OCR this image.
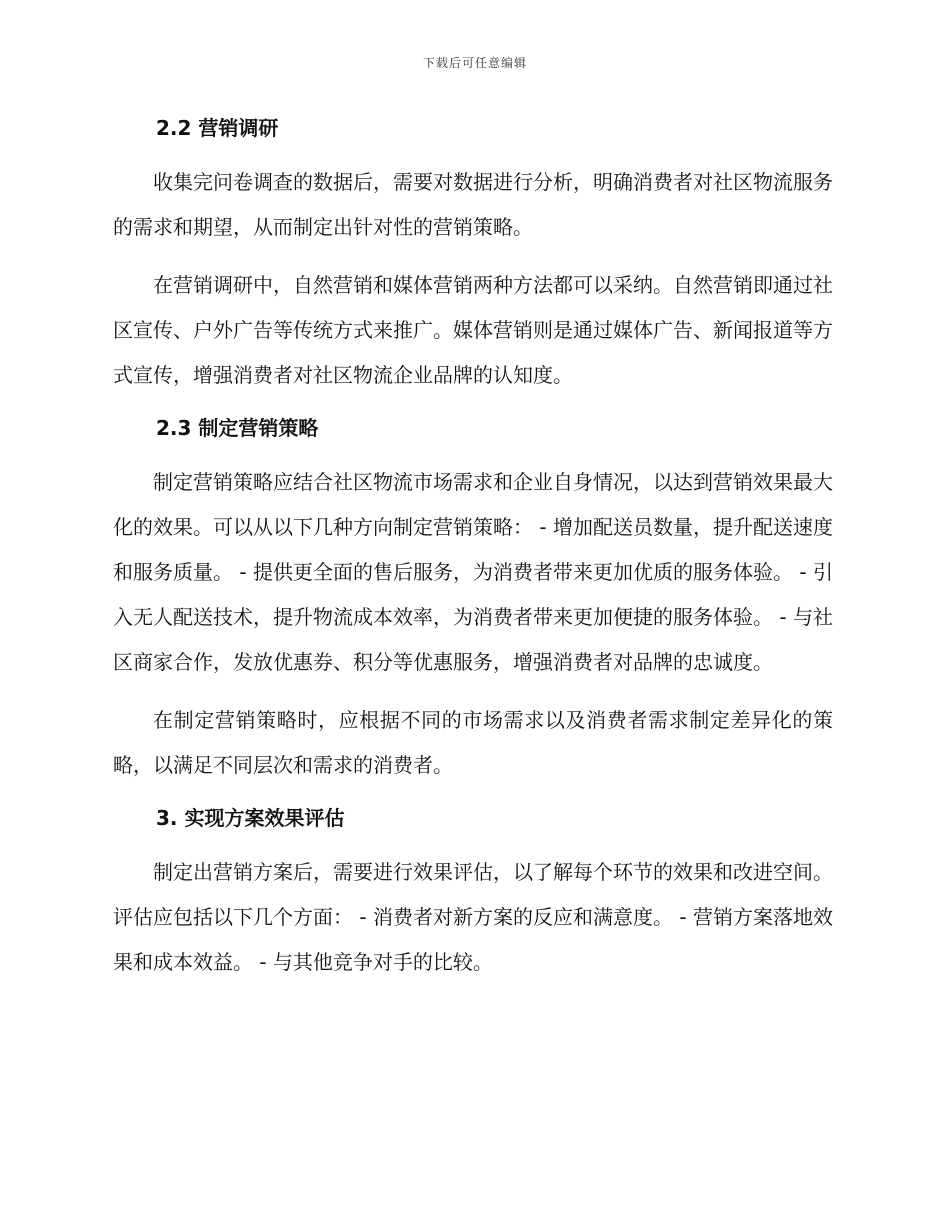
下载后可任意编辑
2.2 营销调研

收集完问卷调查的数据后，需要对数据进行分析，明确消费者对社区物流服务的需求和期望，从而制定出针对性的营销策略。

在营销调研中，自然营销和媒体营销两种方法都可以采纳。自然营销即通过社区宣传、户外广告等传统方式来推广。媒体营销则是通过媒体广告、新闻报道等方式宣传，增强消费者对社区物流企业品牌的认知度。

2.3 制定营销策略

制定营销策略应结合社区物流市场需求和企业自身情况，以达到营销效果最大化的效果。可以从以下几种方向制定营销策略： - 增加配送员数量，提升配送速度和服务质量。 - 提供更全面的售后服务，为消费者带来更加优质的服务体验。 - 引入无人配送技术，提升物流成本效率，为消费者带来更加便捷的服务体验。 - 与社区商家合作，发放优惠券、积分等优惠服务，增强消费者对品牌的忠诚度。

在制定营销策略时，应根据不同的市场需求以及消费者需求制定差异化的策略，以满足不同层次和需求的消费者。

3. 实现方案效果评估

制定出营销方案后，需要进行效果评估，以了解每个环节的效果和改进空间。评估应包括以下几个方面： - 消费者对新方案的反应和满意度。 - 营销方案落地效果和成本效益。 - 与其他竞争对手的比较。
